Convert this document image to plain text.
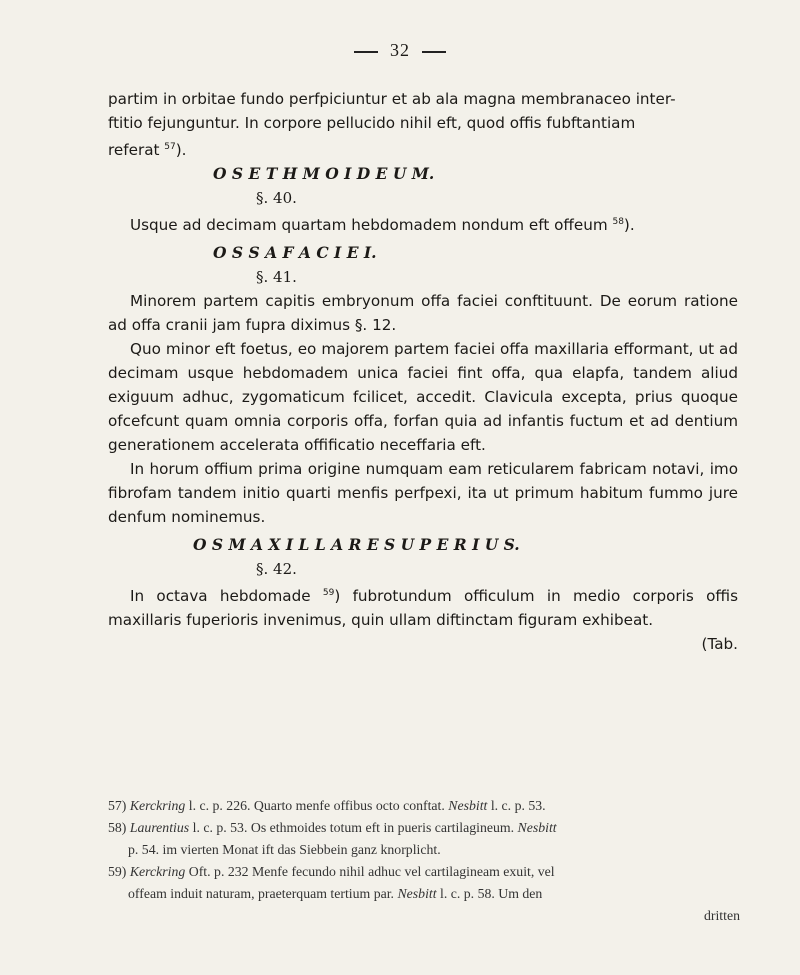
32

partim in orbitae fundo perfpiciuntur et ab ala magna membranaceo inter-

ftitio fejunguntur. In corpore pellucido nihil eft, quod offis fubftantiam

referat $^{57}$).

O S E T H M O I D E U M.

§. 40.

Usque ad decimam quartam hebdomadem nondum eft offeum $^{58}$).

O S S A F A C I E I.

§. 41.

Minorem partem capitis embryonum offa faciei conftituunt. De eorum ratione ad offa cranii jam fupra diximus §. 12.

Quo minor eft foetus, eo majorem partem faciei offa maxillaria efformant, ut ad decimam usque hebdomadem unica faciei fint offa, qua elapfa, tandem aliud exiguum adhuc, zygomaticum fcilicet, accedit. Clavicula excepta, prius quoque ofcefcunt quam omnia corporis offa, forfan quia ad infantis fuctum et ad dentium generationem accelerata offificatio neceffaria eft.

In horum offium prima origine numquam eam reticularem fabricam notavi, imo fibrofam tandem initio quarti menfis perfpexi, ita ut primum habitum fummo jure denfum nominemus.

O S M A X I L L A R E S U P E R I U S.

§. 42.

In octava hebdomade $^{59}$) fubrotundum officulum in medio corporis offis maxillaris fuperioris invenimus, quin ullam diftinctam figuram exhibeat.

(Tab.

57) Kerckring l. c. p. 226. Quarto menfe offibus octo conftat. Nesbitt l. c. p. 53.

58) Laurentius l. c. p. 53. Os ethmoides totum eft in pueris cartilagineum. Nesbitt

p. 54. im vierten Monat ift das Siebbein ganz knorplicht.

59) Kerckring Oft. p. 232 Menfe fecundo nihil adhuc vel cartilagineam exuit, vel

offeam induit naturam, praeterquam tertium par. Nesbitt l. c. p. 58. Um den

dritten
